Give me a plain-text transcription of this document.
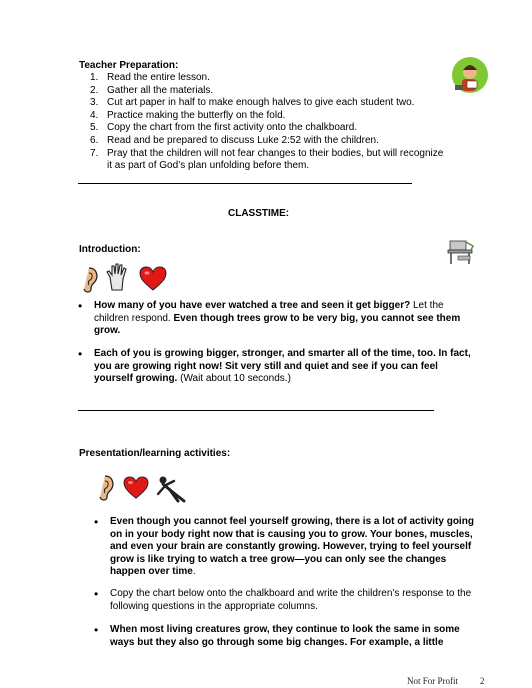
Teacher Preparation:
1. Read the entire lesson.
2. Gather all the materials.
3. Cut art paper in half to make enough halves to give each student two.
4. Practice making the butterfly on the fold.
5. Copy the chart from the first activity onto the chalkboard.
6. Read and be prepared to discuss Luke 2:52 with the children.
7. Pray that the children will not fear changes to their bodies, but will recognize it as part of God’s plan unfolding before them.
CLASSTIME:
Introduction:
• How many of you have ever watched a tree and seen it get bigger? Let the children respond. Even though trees grow to be very big, you cannot see them grow.
• Each of you is growing bigger, stronger, and smarter all of the time, too. In fact, you are growing right now! Sit very still and quiet and see if you can feel yourself growing. (Wait about 10 seconds.)
Presentation/learning activities:
• Even though you cannot feel yourself growing, there is a lot of activity going on in your body right now that is causing you to grow. Your bones, muscles, and even your brain are constantly growing. However, trying to feel yourself grow is like trying to watch a tree grow—you can only see the changes happen over time.
• Copy the chart below onto the chalkboard and write the children’s response to the following questions in the appropriate columns.
• When most living creatures grow, they continue to look the same in some ways but they also go through some big changes. For example, a little
Not For Profit 2
